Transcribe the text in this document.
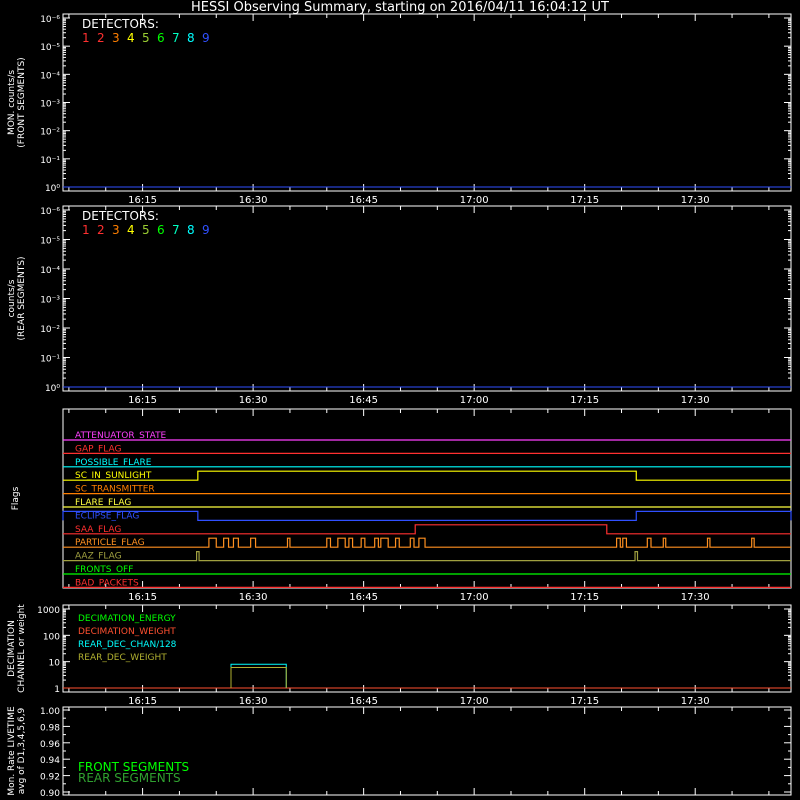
HESSI Observing Summary, starting on 2016/04/11 16:04:12 UT
16:15	16:30	16:45	17:00	17:15	17:30
MON. counts/s(FRONT SEGMENTS)
10⁰
10⁻¹
10⁻²
10⁻³
10⁻⁴
10⁻⁵
10⁻⁶ DETECTORS:
1 2 3 4 5 6 7 8 9
16:15	16:30	16:45	17:00	17:15	17:30
counts/s(REAR SEGMENTS)
10⁰
10⁻¹
10⁻²
10⁻³
10⁻⁴
10⁻⁵
10⁻⁶ DETECTORS:
1 2 3 4 5 6 7 8 9
16:15	16:30	16:45	17:00	17:15	17:30
Flags
ATTENUATOR_STATE
GAP_FLAG
POSSIBLE_FLARE
SC_IN_SUNLIGHT
SC_TRANSMITTER
FLARE_FLAG
ECLIPSE_FLAG
SAA_FLAG
PARTICLE_FLAG
AAZ_FLAG
FRONTS_OFF
BAD_PACKETS
16:15	16:30	16:45	17:00	17:15	17:30
DECIMATIONCHANNEL or weight	1
10
100
1000
DECIMATION_ENERGY
DECIMATION_WEIGHT
REAR_DEC_CHAN/128
REAR_DEC_WEIGHT
Mon. Rate LIVETIMEavg of D1,3,4,5,6,9 0.90
0.92
0.94
0.96
0.98
1.00
FRONT SEGMENTS
REAR SEGMENTS
